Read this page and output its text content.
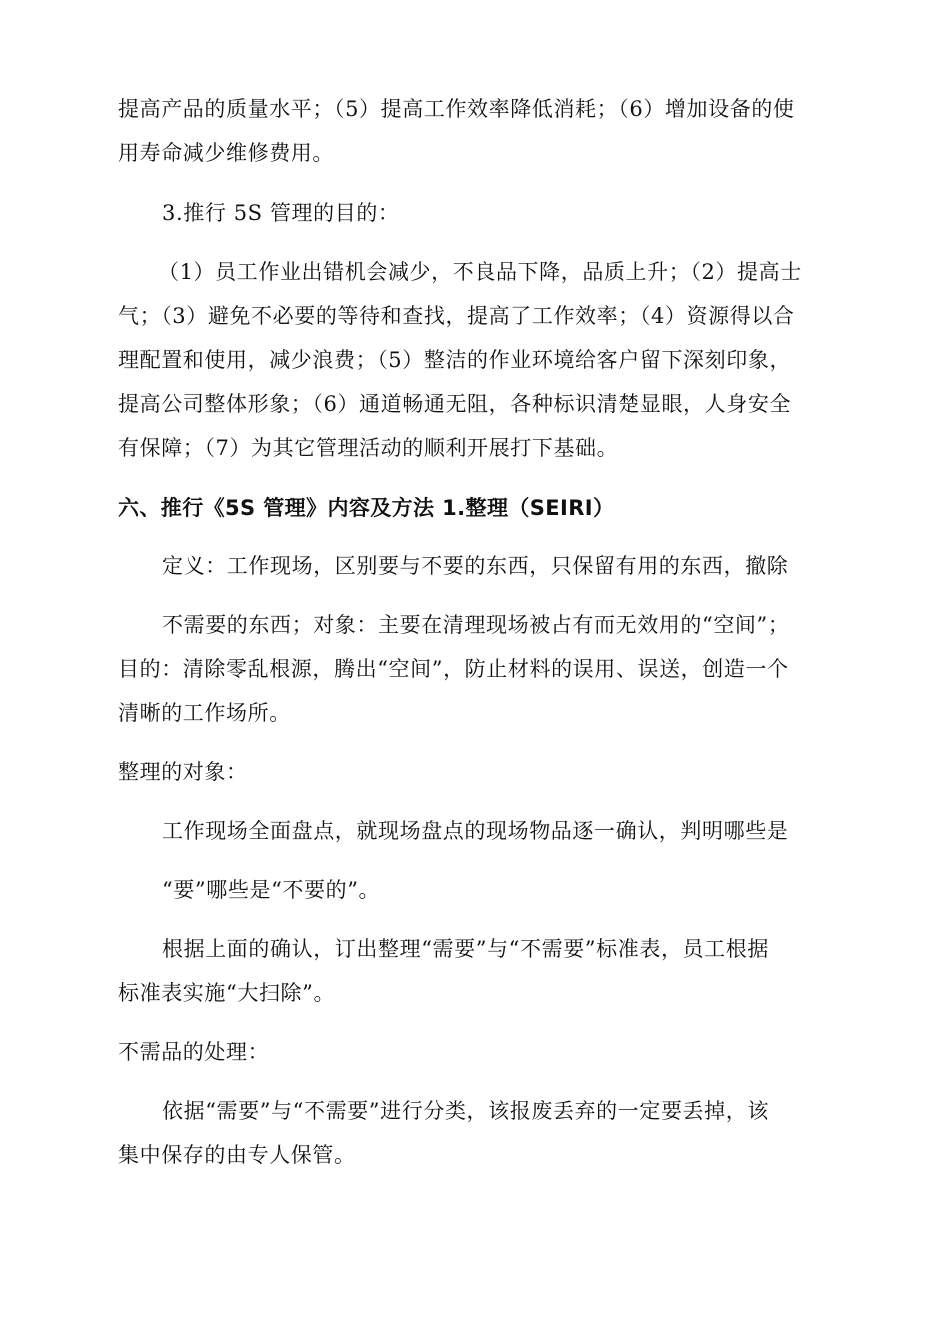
提高产品的质量水平；（5）提高工作效率降低消耗；（6）增加设备的使
用寿命减少维修费用。
3.推行 5S 管理的目的：
（1）员工作业出错机会减少，不良品下降，品质上升；（2）提高士
气；（3）避免不必要的等待和查找，提高了工作效率；（4）资源得以合
理配置和使用，减少浪费；（5）整洁的作业环境给客户留下深刻印象，
提高公司整体形象；（6）通道畅通无阻，各种标识清楚显眼，人身安全
有保障；（7）为其它管理活动的顺利开展打下基础。
六、推行《5S 管理》内容及方法 1.整理（SEIRI）
定义：工作现场，区别要与不要的东西，只保留有用的东西，撤除
不需要的东西；对象：主要在清理现场被占有而无效用的“空间”；
目的：清除零乱根源，腾出“空间”，防止材料的误用、误送，创造一个
清晰的工作场所。
整理的对象：
工作现场全面盘点，就现场盘点的现场物品逐一确认，判明哪些是
“要”哪些是“不要的”。
根据上面的确认，订出整理“需要”与“不需要”标准表，员工根据
标准表实施“大扫除”。
不需品的处理：
依据“需要”与“不需要”进行分类，该报废丢弃的一定要丢掉，该
集中保存的由专人保管。
